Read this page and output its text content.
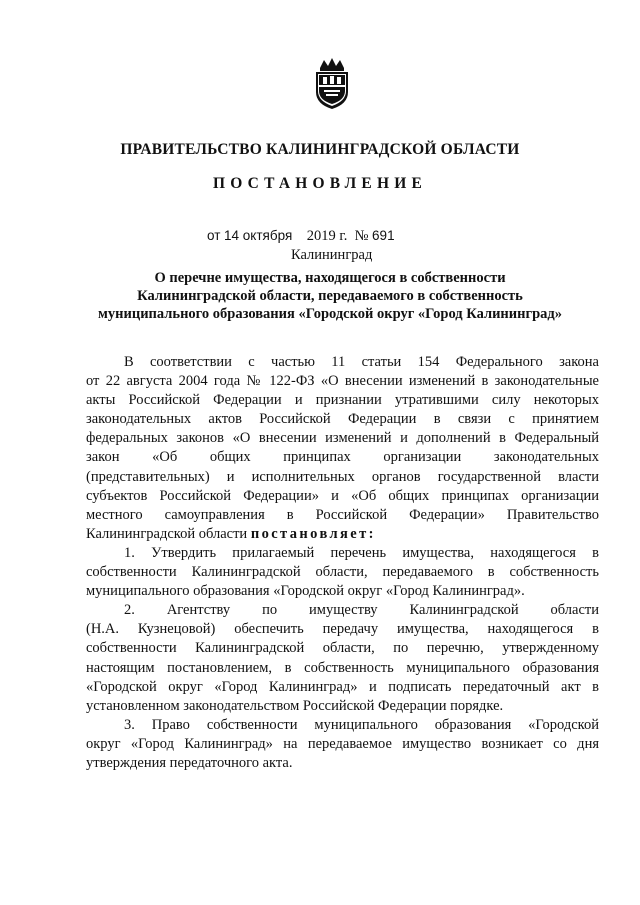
ПРАВИТЕЛЬСТВО КАЛИНИНГРАДСКОЙ ОБЛАСТИ
ПОСТАНОВЛЕНИЕ
от 14 октября 2019 г. № 691
Калининград
О перечне имущества, находящегося в собственности
Калининградской области, передаваемого в собственность
муниципального образования «Городской округ «Город Калининград»
В соответствии с частью 11 статьи 154 Федерального закона
от 22 августа 2004 года № 122-ФЗ «О внесении изменений в законодательные
акты Российской Федерации и признании утратившими силу некоторых
законодательных актов Российской Федерации в связи с принятием
федеральных законов «О внесении изменений и дополнений в Федеральный
закон «Об общих принципах организации законодательных
(представительных) и исполнительных органов государственной власти
субъектов Российской Федерации» и «Об общих принципах организации
местного самоуправления в Российской Федерации» Правительство
Калининградской области постановляет:
1. Утвердить прилагаемый перечень имущества, находящегося в
собственности Калининградской области, передаваемого в собственность
муниципального образования «Городской округ «Город Калининград».
2. Агентству по имуществу Калининградской области
(Н.А. Кузнецовой) обеспечить передачу имущества, находящегося в
собственности Калининградской области, по перечню, утвержденному
настоящим постановлением, в собственность муниципального образования
«Городской округ «Город Калининград» и подписать передаточный акт в
установленном законодательством Российской Федерации порядке.
3. Право собственности муниципального образования «Городской
округ «Город Калининград» на передаваемое имущество возникает со дня
утверждения передаточного акта.
